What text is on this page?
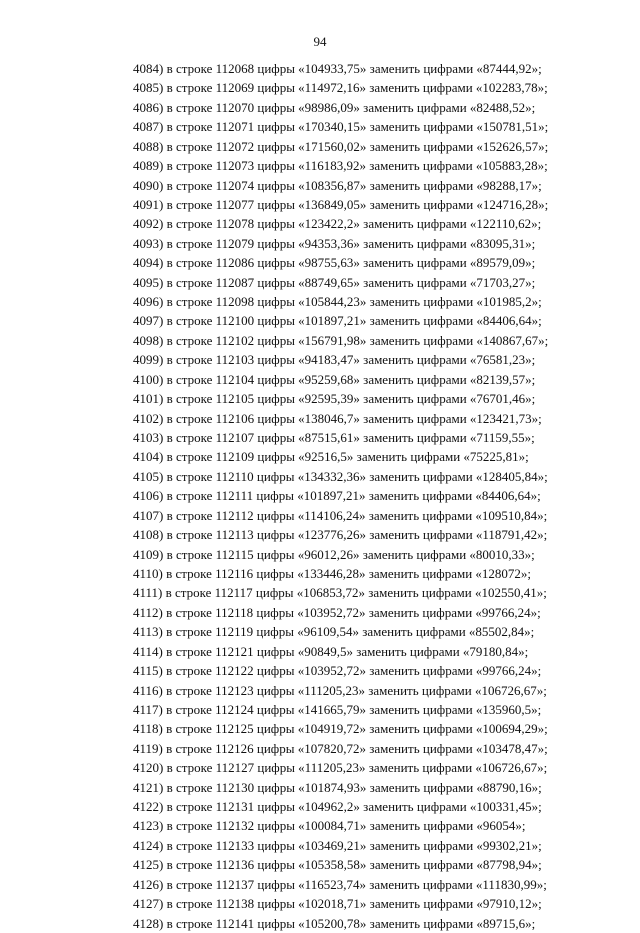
94
4084) в строке 112068 цифры «104933,75» заменить цифрами «87444,92»;
4085) в строке 112069 цифры «114972,16» заменить цифрами «102283,78»;
4086) в строке 112070 цифры «98986,09» заменить цифрами «82488,52»;
4087) в строке 112071 цифры «170340,15» заменить цифрами «150781,51»;
4088) в строке 112072 цифры «171560,02» заменить цифрами «152626,57»;
4089) в строке 112073 цифры «116183,92» заменить цифрами «105883,28»;
4090) в строке 112074 цифры «108356,87» заменить цифрами «98288,17»;
4091) в строке 112077 цифры «136849,05» заменить цифрами «124716,28»;
4092) в строке 112078 цифры «123422,2» заменить цифрами «122110,62»;
4093) в строке 112079 цифры «94353,36» заменить цифрами «83095,31»;
4094) в строке 112086 цифры «98755,63» заменить цифрами «89579,09»;
4095) в строке 112087 цифры «88749,65» заменить цифрами «71703,27»;
4096) в строке 112098 цифры «105844,23» заменить цифрами «101985,2»;
4097) в строке 112100 цифры «101897,21» заменить цифрами «84406,64»;
4098) в строке 112102 цифры «156791,98» заменить цифрами «140867,67»;
4099) в строке 112103 цифры «94183,47» заменить цифрами «76581,23»;
4100) в строке 112104 цифры «95259,68» заменить цифрами «82139,57»;
4101) в строке 112105 цифры «92595,39» заменить цифрами «76701,46»;
4102) в строке 112106 цифры «138046,7» заменить цифрами «123421,73»;
4103) в строке 112107 цифры «87515,61» заменить цифрами «71159,55»;
4104) в строке 112109 цифры «92516,5» заменить цифрами «75225,81»;
4105) в строке 112110 цифры «134332,36» заменить цифрами «128405,84»;
4106) в строке 112111 цифры «101897,21» заменить цифрами «84406,64»;
4107) в строке 112112 цифры «114106,24» заменить цифрами «109510,84»;
4108) в строке 112113 цифры «123776,26» заменить цифрами «118791,42»;
4109) в строке 112115 цифры «96012,26» заменить цифрами «80010,33»;
4110) в строке 112116 цифры «133446,28» заменить цифрами «128072»;
4111) в строке 112117 цифры «106853,72» заменить цифрами «102550,41»;
4112) в строке 112118 цифры «103952,72» заменить цифрами «99766,24»;
4113) в строке 112119 цифры «96109,54» заменить цифрами «85502,84»;
4114) в строке 112121 цифры «90849,5» заменить цифрами «79180,84»;
4115) в строке 112122 цифры «103952,72» заменить цифрами «99766,24»;
4116) в строке 112123 цифры «111205,23» заменить цифрами «106726,67»;
4117) в строке 112124 цифры «141665,79» заменить цифрами «135960,5»;
4118) в строке 112125 цифры «104919,72» заменить цифрами «100694,29»;
4119) в строке 112126 цифры «107820,72» заменить цифрами «103478,47»;
4120) в строке 112127 цифры «111205,23» заменить цифрами «106726,67»;
4121) в строке 112130 цифры «101874,93» заменить цифрами «88790,16»;
4122) в строке 112131 цифры «104962,2» заменить цифрами «100331,45»;
4123) в строке 112132 цифры «100084,71» заменить цифрами «96054»;
4124) в строке 112133 цифры «103469,21» заменить цифрами «99302,21»;
4125) в строке 112136 цифры «105358,58» заменить цифрами «87798,94»;
4126) в строке 112137 цифры «116523,74» заменить цифрами «111830,99»;
4127) в строке 112138 цифры «102018,71» заменить цифрами «97910,12»;
4128) в строке 112141 цифры «105200,78» заменить цифрами «89715,6»;
